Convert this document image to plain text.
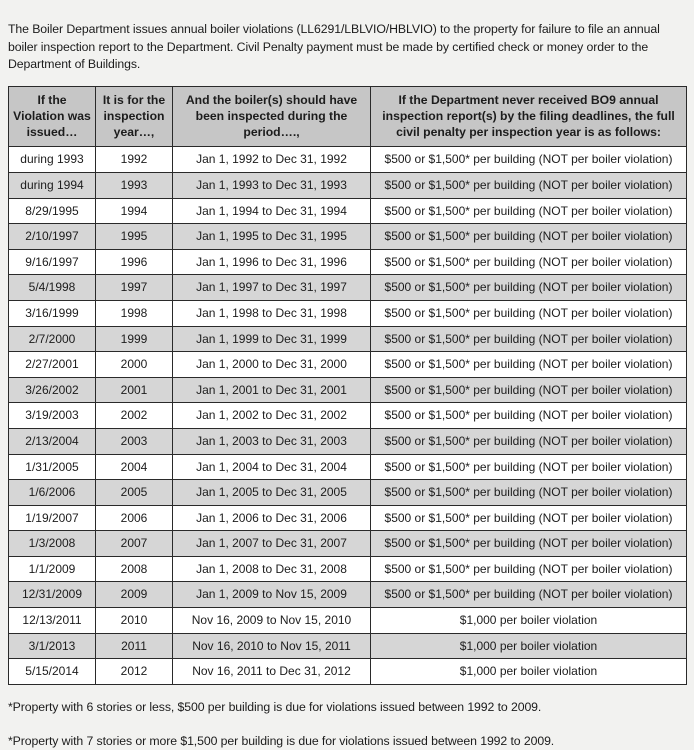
The Boiler Department issues annual boiler violations (LL6291/LBLVIO/HBLVIO) to the property for failure to file an annual boiler inspection report to the Department. Civil Penalty payment must be made by certified check or money order to the Department of Buildings.

If the Violation was issued…	It is for the inspection year…,	And the boiler(s) should have been inspected during the period….,	If the Department never received BO9 annual inspection report(s) by the filing deadlines, the full civil penalty per inspection year is as follows:
during 1993	1992	Jan 1, 1992 to Dec 31, 1992	$500 or $1,500* per building (NOT per boiler violation)
during 1994	1993	Jan 1, 1993 to Dec 31, 1993	$500 or $1,500* per building (NOT per boiler violation)
8/29/1995	1994	Jan 1, 1994 to Dec 31, 1994	$500 or $1,500* per building (NOT per boiler violation)
2/10/1997	1995	Jan 1, 1995 to Dec 31, 1995	$500 or $1,500* per building (NOT per boiler violation)
9/16/1997	1996	Jan 1, 1996 to Dec 31, 1996	$500 or $1,500* per building (NOT per boiler violation)
5/4/1998	1997	Jan 1, 1997 to Dec 31, 1997	$500 or $1,500* per building (NOT per boiler violation)
3/16/1999	1998	Jan 1, 1998 to Dec 31, 1998	$500 or $1,500* per building (NOT per boiler violation)
2/7/2000	1999	Jan 1, 1999 to Dec 31, 1999	$500 or $1,500* per building (NOT per boiler violation)
2/27/2001	2000	Jan 1, 2000 to Dec 31, 2000	$500 or $1,500* per building (NOT per boiler violation)
3/26/2002	2001	Jan 1, 2001 to Dec 31, 2001	$500 or $1,500* per building (NOT per boiler violation)
3/19/2003	2002	Jan 1, 2002 to Dec 31, 2002	$500 or $1,500* per building (NOT per boiler violation)
2/13/2004	2003	Jan 1, 2003 to Dec 31, 2003	$500 or $1,500* per building (NOT per boiler violation)
1/31/2005	2004	Jan 1, 2004 to Dec 31, 2004	$500 or $1,500* per building (NOT per boiler violation)
1/6/2006	2005	Jan 1, 2005 to Dec 31, 2005	$500 or $1,500* per building (NOT per boiler violation)
1/19/2007	2006	Jan 1, 2006 to Dec 31, 2006	$500 or $1,500* per building (NOT per boiler violation)
1/3/2008	2007	Jan 1, 2007 to Dec 31, 2007	$500 or $1,500* per building (NOT per boiler violation)
1/1/2009	2008	Jan 1, 2008 to Dec 31, 2008	$500 or $1,500* per building (NOT per boiler violation)
12/31/2009	2009	Jan 1, 2009 to Nov 15, 2009	$500 or $1,500* per building (NOT per boiler violation)
12/13/2011	2010	Nov 16, 2009 to Nov 15, 2010	$1,000 per boiler violation
3/1/2013	2011	Nov 16, 2010 to Nov 15, 2011	$1,000 per boiler violation
5/15/2014	2012	Nov 16, 2011 to Dec 31, 2012	$1,000 per boiler violation
*Property with 6 stories or less, $500 per building is due for violations issued between 1992 to 2009.
*Property with 7 stories or more $1,500 per building is due for violations issued between 1992 to 2009.
